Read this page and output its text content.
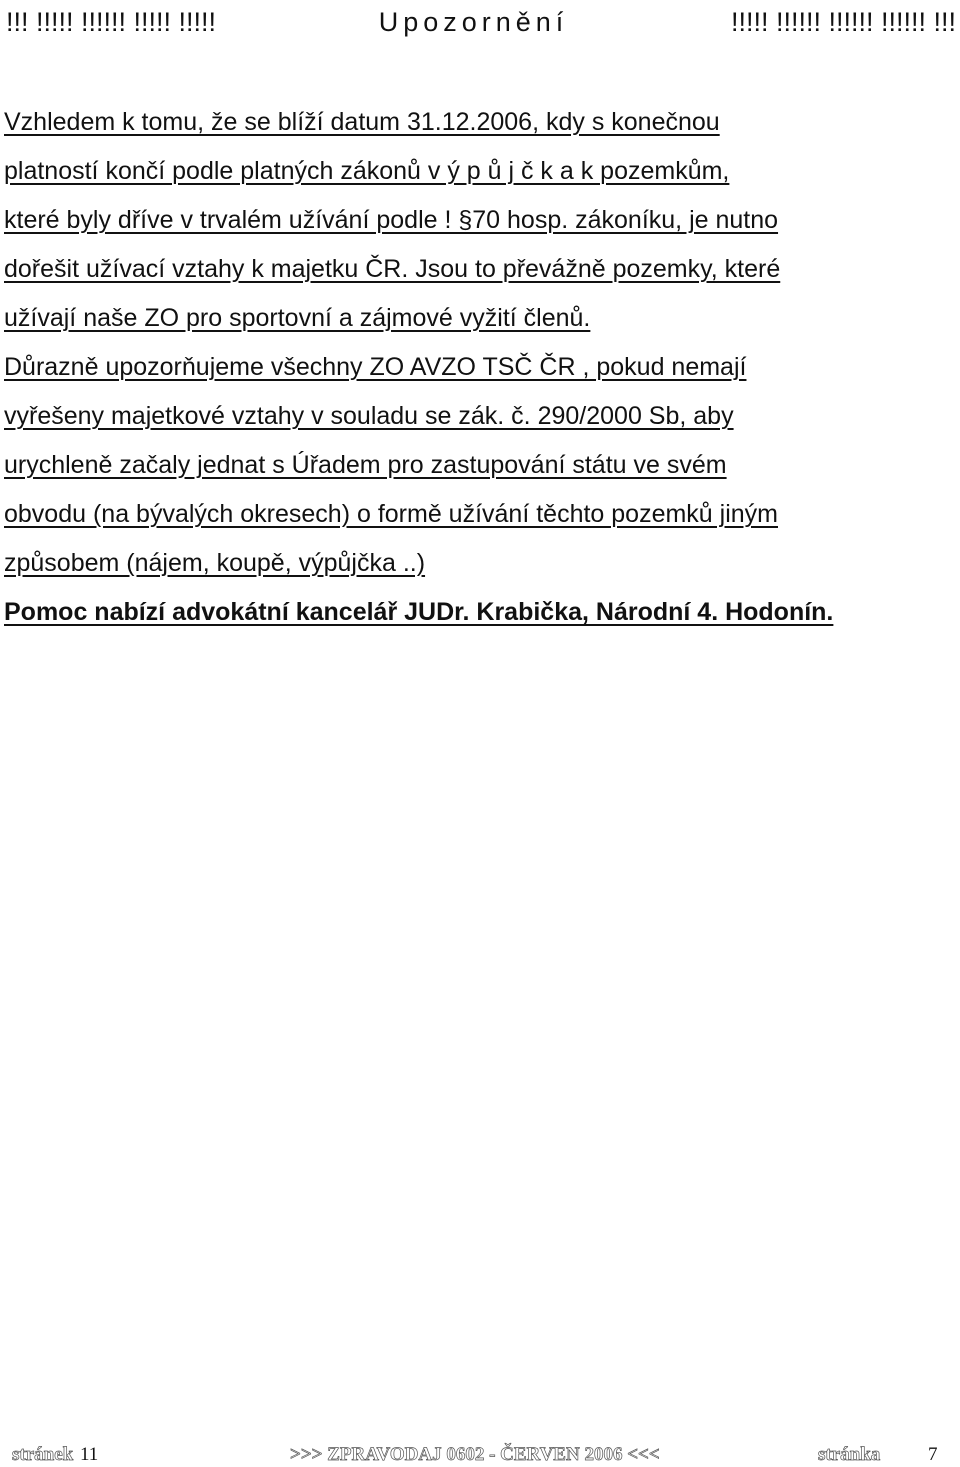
!!! !!!!! !!!!!! !!!!! !!!!!	Upozornění	!!!!! !!!!!! !!!!!! !!!!!! !!!
Vzhledem k tomu, že se blíží datum 31.12.2006, kdy s konečnou
platností končí podle platných zákonů v ý p ů j č k a k pozemkům,
které byly dříve v trvalém užívání podle ! §70 hosp. zákoníku, je nutno
dořešit užívací vztahy k majetku ČR. Jsou to převážně pozemky, které
užívají naše ZO pro sportovní a zájmové vyžití členů.
Důrazně upozorňujeme všechny ZO AVZO TSČ ČR , pokud nemají
vyřešeny majetkové vztahy v souladu se zák. č. 290/2000 Sb, aby
urychleně začaly jednat s Úřadem pro zastupování státu ve svém
obvodu (na bývalých okresech) o formě užívání těchto pozemků jiným
způsobem (nájem, koupě, výpůjčka ..)
Pomoc nabízí advokátní kancelář JUDr. Krabička, Národní 4. Hodonín.
stránek 11	>>> ZPRAVODAJ 0602 - ČERVEN 2006 <<<	stránka	7
